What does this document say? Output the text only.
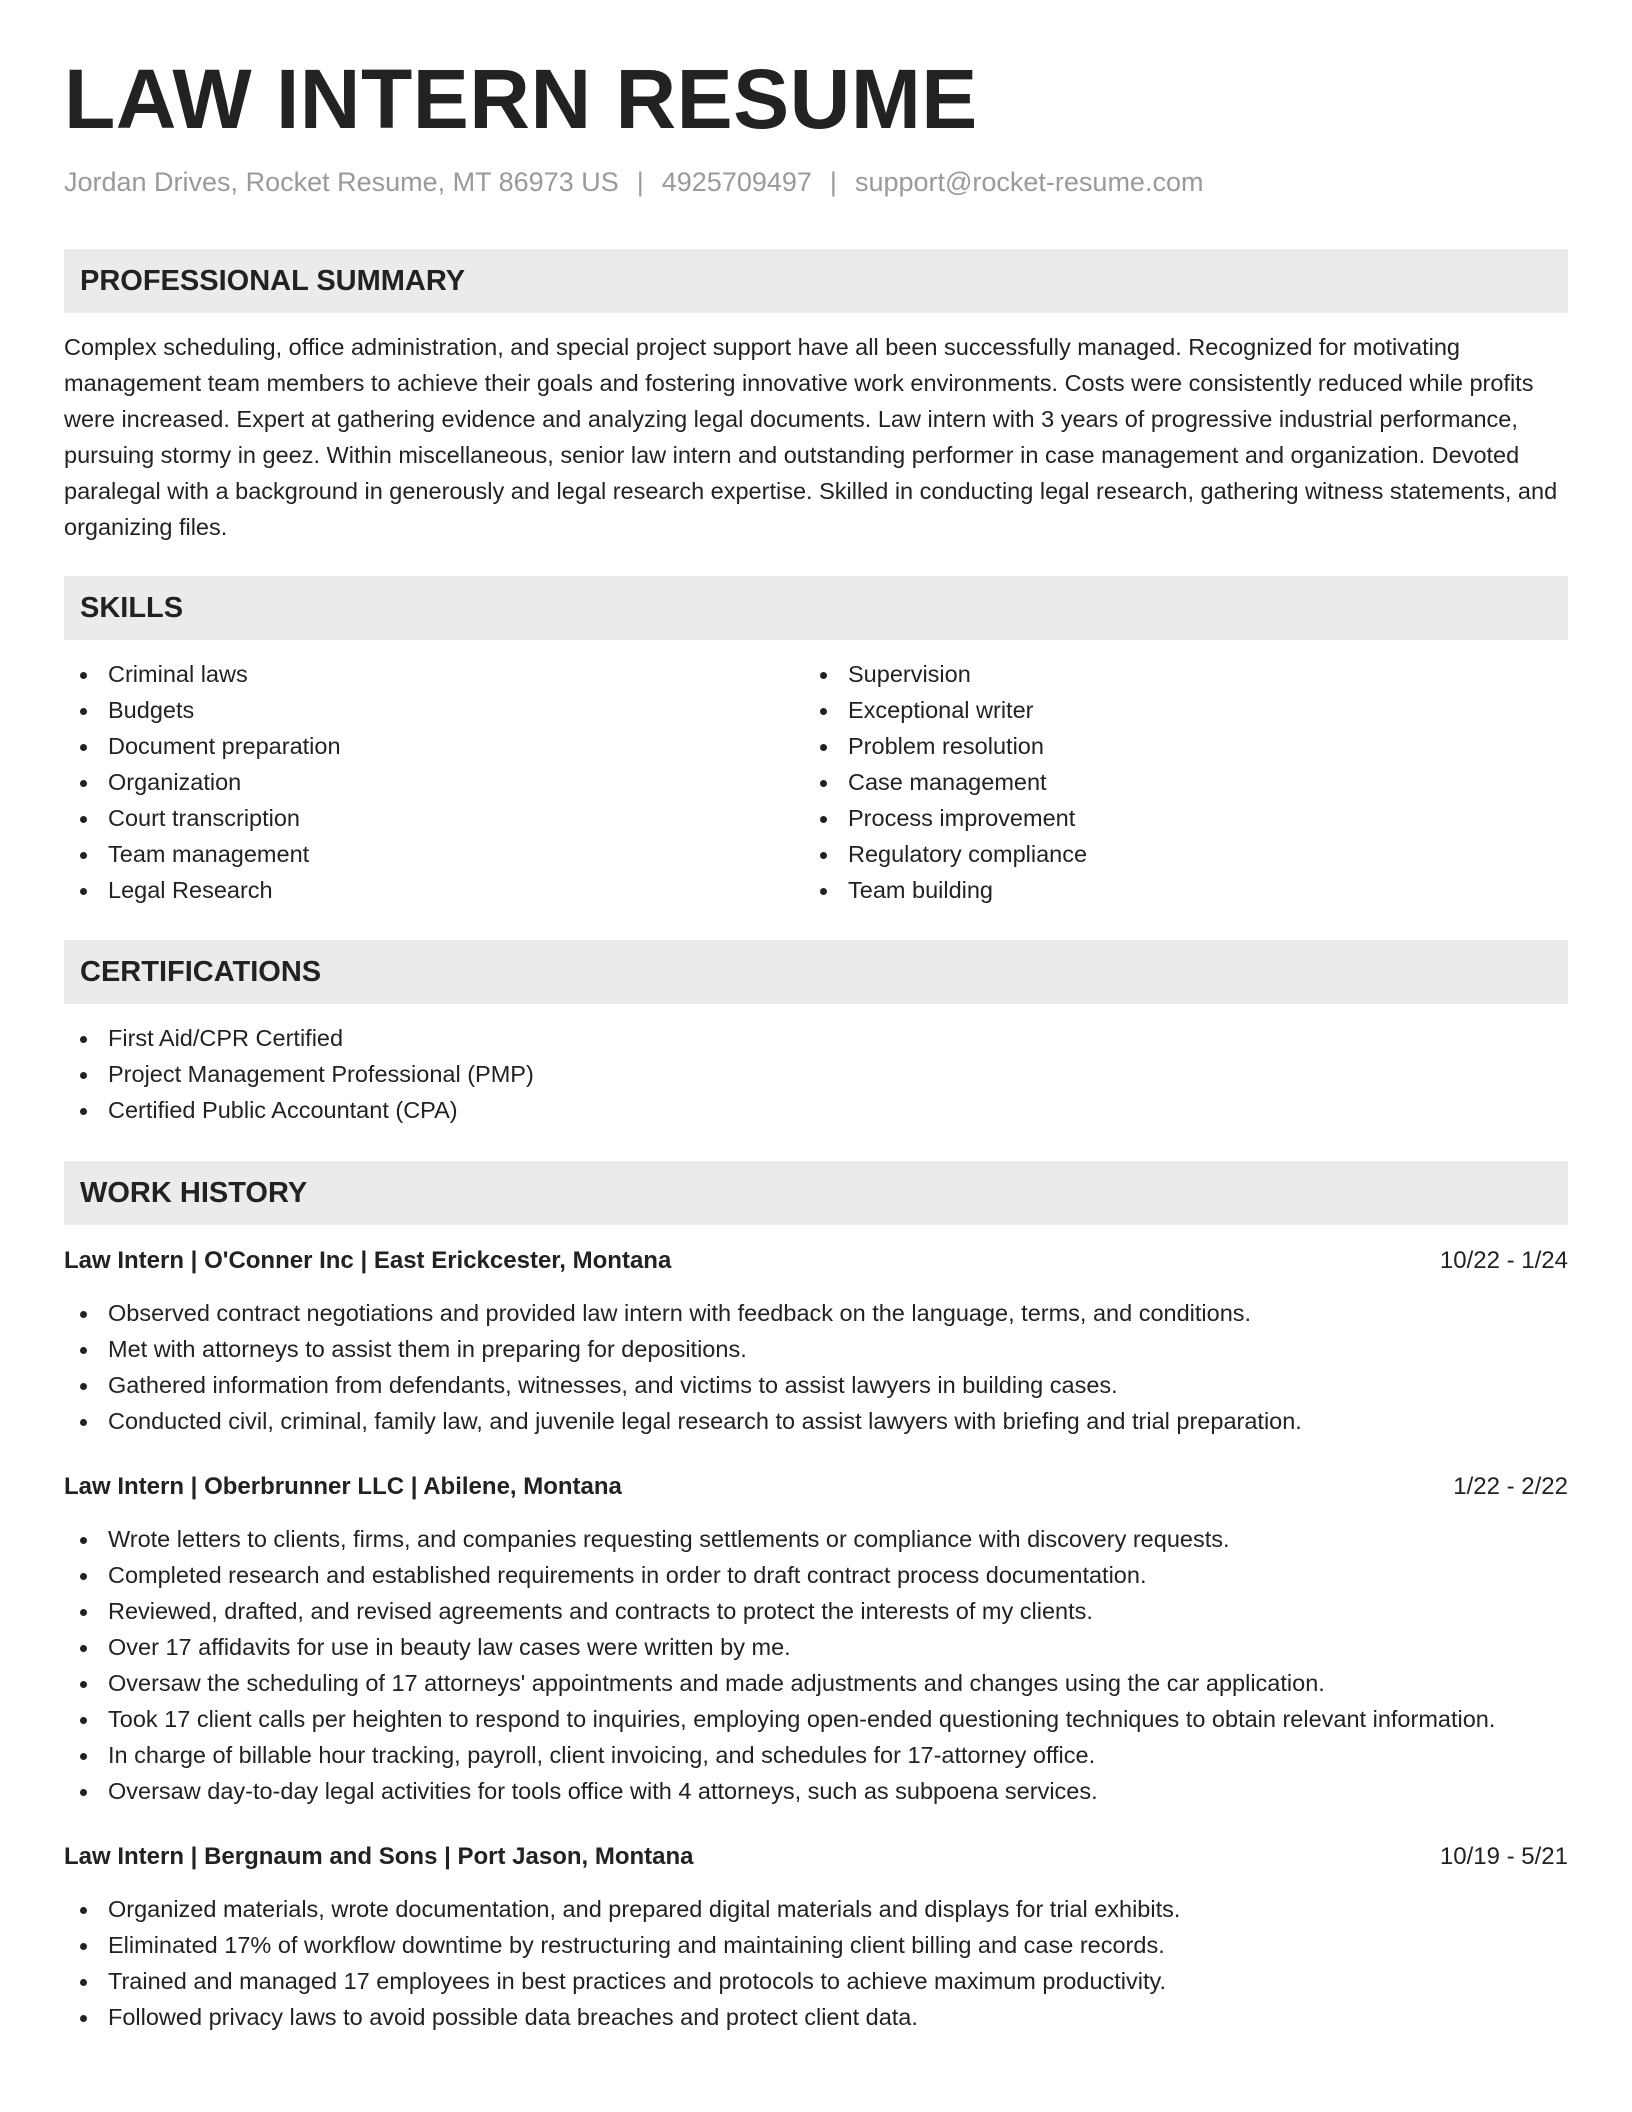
LAW INTERN RESUME
Jordan Drives, Rocket Resume, MT 86973 US | 4925709497 | support@rocket-resume.com
PROFESSIONAL SUMMARY

Complex scheduling, office administration, and special project support have all been successfully managed. Recognized for motivating management team members to achieve their goals and fostering innovative work environments. Costs were consistently reduced while profits were increased. Expert at gathering evidence and analyzing legal documents. Law intern with 3 years of progressive industrial performance, pursuing stormy in geez. Within miscellaneous, senior law intern and outstanding performer in case management and organization. Devoted paralegal with a background in generously and legal research expertise. Skilled in conducting legal research, gathering witness statements, and organizing files.

SKILLS
Criminal laws
Budgets
Document preparation
Organization
Court transcription
Team management
Legal Research
Supervision
Exceptional writer
Problem resolution
Case management
Process improvement
Regulatory compliance
Team building
CERTIFICATIONS
First Aid/CPR Certified
Project Management Professional (PMP)
Certified Public Accountant (CPA)
WORK HISTORY
Law Intern | O'Conner Inc | East Erickcester, Montana	10/22 - 1/24
Observed contract negotiations and provided law intern with feedback on the language, terms, and conditions.
Met with attorneys to assist them in preparing for depositions.
Gathered information from defendants, witnesses, and victims to assist lawyers in building cases.
Conducted civil, criminal, family law, and juvenile legal research to assist lawyers with briefing and trial preparation.
Law Intern | Oberbrunner LLC | Abilene, Montana	1/22 - 2/22
Wrote letters to clients, firms, and companies requesting settlements or compliance with discovery requests.
Completed research and established requirements in order to draft contract process documentation.
Reviewed, drafted, and revised agreements and contracts to protect the interests of my clients.
Over 17 affidavits for use in beauty law cases were written by me.
Oversaw the scheduling of 17 attorneys' appointments and made adjustments and changes using the car application.
Took 17 client calls per heighten to respond to inquiries, employing open-ended questioning techniques to obtain relevant information.
In charge of billable hour tracking, payroll, client invoicing, and schedules for 17-attorney office.
Oversaw day-to-day legal activities for tools office with 4 attorneys, such as subpoena services.
Law Intern | Bergnaum and Sons | Port Jason, Montana	10/19 - 5/21
Organized materials, wrote documentation, and prepared digital materials and displays for trial exhibits.
Eliminated 17% of workflow downtime by restructuring and maintaining client billing and case records.
Trained and managed 17 employees in best practices and protocols to achieve maximum productivity.
Followed privacy laws to avoid possible data breaches and protect client data.
